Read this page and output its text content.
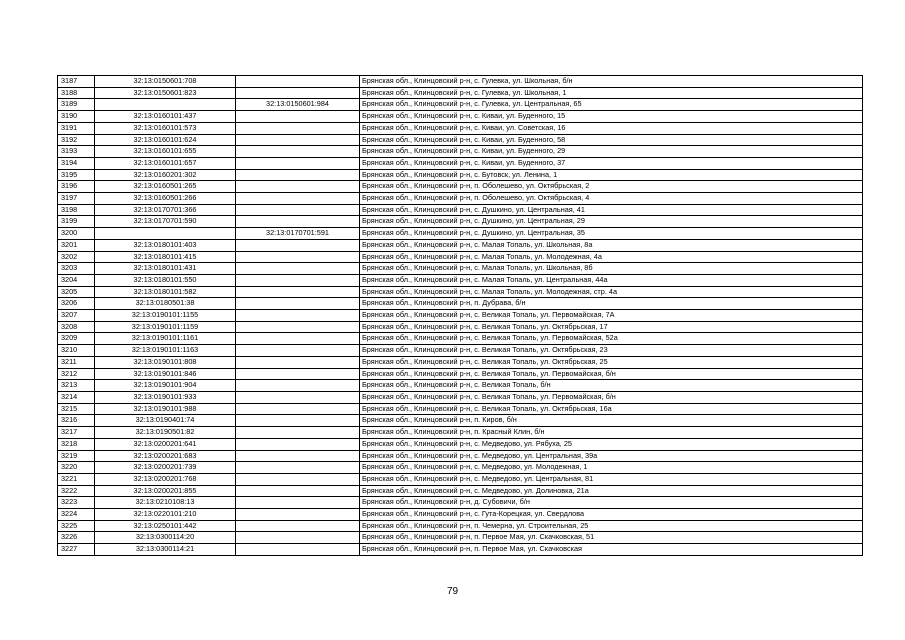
3187	32:13:0150601:708		Брянская обл., Клинцовский р-н, с. Гулевка, ул. Школьная, б/н
3188	32:13:0150601:823		Брянская обл., Клинцовский р-н, с. Гулевка, ул. Школьная, 1
3189		32:13:0150601:984	Брянская обл., Клинцовский р-н, с. Гулевка, ул. Центральная, 65
3190	32:13:0160101:437		Брянская обл., Клинцовский р-н, с. Киваи, ул. Буденного, 15
3191	32:13:0160101:573		Брянская обл., Клинцовский р-н, с. Киваи, ул. Советская, 16
3192	32:13:0160101:624		Брянская обл., Клинцовский р-н, с. Киваи, ул. Буденного, 58
3193	32:13:0160101:655		Брянская обл., Клинцовский р-н, с. Киваи, ул. Буденного, 29
3194	32:13:0160101:657		Брянская обл., Клинцовский р-н, с. Киваи, ул. Буденного, 37
3195	32:13:0160201:302		Брянская обл., Клинцовский р-н, с. Бутовск, ул. Ленина, 1
3196	32:13:0160501:265		Брянская обл., Клинцовский р-н, п. Оболешево, ул. Октябрьская, 2
3197	32:13:0160501:266		Брянская обл., Клинцовский р-н, п. Оболешево, ул. Октябрьская, 4
3198	32:13:0170701:366		Брянская обл., Клинцовский р-н, с. Душкино, ул. Центральная, 41
3199	32:13:0170701:590		Брянская обл., Клинцовский р-н, с. Душкино, ул. Центральная, 29
3200		32:13:0170701:591	Брянская обл., Клинцовский р-н, с. Душкино, ул. Центральная, 35
3201	32:13:0180101:403		Брянская обл., Клинцовский р-н, с. Малая Топаль, ул. Школьная, 8а
3202	32:13:0180101:415		Брянская обл., Клинцовский р-н, с. Малая Топаль, ул. Молодежная, 4а
3203	32:13:0180101:431		Брянская обл., Клинцовский р-н, с. Малая Топаль, ул. Школьная, 8б
3204	32:13:0180101:550		Брянская обл., Клинцовский р-н, с. Малая Топаль, ул. Центральная, 44а
3205	32:13:0180101:582		Брянская обл., Клинцовский р-н, с. Малая Топаль, ул. Молодежная, стр. 4а
3206	32:13:0180501:38		Брянская обл., Клинцовский р-н, п. Дубрава, б/н
3207	32:13:0190101:1155		Брянская обл., Клинцовский р-н, с. Великая Топаль, ул. Первомайская, 7А
3208	32:13:0190101:1159		Брянская обл., Клинцовский р-н, с. Великая Топаль, ул. Октябрьская, 17
3209	32:13:0190101:1161		Брянская обл., Клинцовский р-н, с. Великая Топаль, ул. Первомайская, 52а
3210	32:13:0190101:1163		Брянская обл., Клинцовский р-н, с. Великая Топаль, ул. Октябрьская, 23
3211	32:13:0190101:808		Брянская обл., Клинцовский р-н, с. Великая Топаль, ул. Октябрьская, 25
3212	32:13:0190101:846		Брянская обл., Клинцовский р-н, с. Великая Топаль, ул. Первомайская, б/н
3213	32:13:0190101:904		Брянская обл., Клинцовский р-н, с. Великая Топаль, б/н
3214	32:13:0190101:933		Брянская обл., Клинцовский р-н, с. Великая Топаль, ул. Первомайская, б/н
3215	32:13:0190101:988		Брянская обл., Клинцовский р-н, с. Великая Топаль, ул. Октябрьская, 16а
3216	32:13:0190401:74		Брянская обл., Клинцовский р-н, п. Киров, б/н
3217	32:13:0190501:82		Брянская обл., Клинцовский р-н, п. Красный Клин, б/н
3218	32:13:0200201:641		Брянская обл., Клинцовский р-н, с. Медведово, ул. Рябуха, 25
3219	32:13:0200201:683		Брянская обл., Клинцовский р-н, с. Медведово, ул. Центральная, 39а
3220	32:13:0200201:739		Брянская обл., Клинцовский р-н, с. Медведово, ул. Молодежная, 1
3221	32:13:0200201:768		Брянская обл., Клинцовский р-н, с. Медведово, ул. Центральная, 81
3222	32:13:0200201:855		Брянская обл., Клинцовский р-н, с. Медведово, ул. Долиновка, 21а
3223	32:13:0210108:13		Брянская обл., Клинцовский р-н, д. Субовичи, б/н
3224	32:13:0220101:210		Брянская обл., Клинцовский р-н, с. Гута-Корецкая, ул. Свердлова
3225	32:13:0250101:442		Брянская обл., Клинцовский р-н, п. Чемерна, ул. Строительная, 25
3226	32:13:0300114:20		Брянская обл., Клинцовский р-н, п. Первое Мая, ул. Скачковская, 51
3227	32:13:0300114:21		Брянская обл., Клинцовский р-н, п. Первое Мая, ул. Скачковская
79
